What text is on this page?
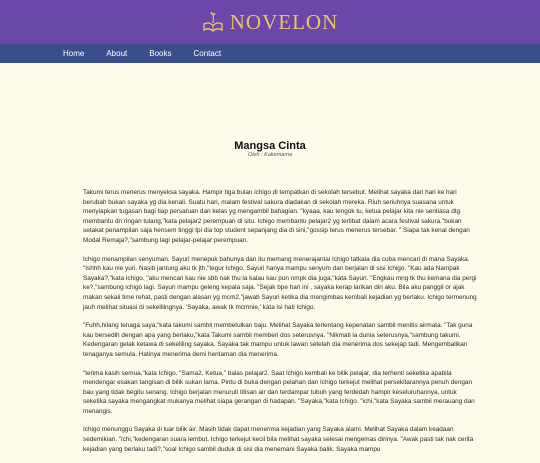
NOVELON
Home	About	Books	Contact
Mangsa Cinta
Oleh : Kakemama

Takumi terus menerus menyeksa sayaka. Hampir tiga bulan ichigo di tempatkan di sekolah tersebut. Melihat sayaka dari hari ke hari berubah bukan sayaka yg dia kenali. Suatu hari, malam festival sakura diadakan di sekolah mereka. Riuh seriuhnya suasana untuk menyiapkan tugasan bagi tiap persatuan dan kelas yg mengambil bahagian. "kyaaa, kau tengok tu, ketua pelajar kita nie sentiasa dtg membantu dn ringan tulang,"kata pelajar2 perempuan di situ. Ichigo membantu pelajar2 yg terlibat dalam acara festival sakura."bukan setakat penampilan saja hensem tinggi tpi dia top student sepanjang dia di sini,"gossip terus menerus tersebar. " Siapa tak kenal dengan Modal Remaja?,"sambung lagi pelajar-pelajar perempuan.

Ichigo menampilan senyuman. Sayuri menepuk bahunya dan itu memang menerajantai Ichigo tatkala dia cuba mencari di mana Sayaka. "Ishhh kau nie yuri. Nasib jantung aku tk jth,"tegur Ichigo. Sayuri hanya mampu senyum dan berjalan di sisi Ichigo. "Kau ada Nampak Sayaka?,"kata Ichigo. "aku mencari kau nie sbb nak thu la kalau kau pun nmpk dia juga,"kata Sayuri. "Engkau mng tk thu kemana dia pergi ke?,"sambung ichigo lagi. Sayuri mampu geleng kepala saja. "Sejak bpe hari ini , sayaka kerap larikan diri aku. Bila aku panggil or ajak makan sekali time rehat, pasti dengan alasan yg mcm2,"jawab Sayuri ketika dia mengimbas kembali kejadian yg berlaku. Ichigo termenung jauh melihat situasi di sekelilingnya. 'Sayaka, awak tk mcmnie,' kata isi hati Ichigo.

"Fuhh,hilang tenaga saya,"kata takumi sambil membetulkan baju. Melihat Sayaka terlentang kepenatan sambil menitis airmata. "Tak guna kau bersedih dengan apa yang berlaku,"kata Takumi sambil memberi dos seterusnya. "Nikmati la dunia seterusnya,"sambung takumi. Kedengaran gelak ketawa di sekeliling sayaka. Sayaka tak mampu untuk lawan setelah dia menerima dos sekejap tadi. Mengembalikan tenaganya semula. Hatinya menerima demi hentaman dia menerima.

"terima kasih semua,"kata Ichigo. "Sama2, Ketua," balas pelajar2. Saat Ichigo kembali ke bilik pelajar, dia terhenti seketika apabila mendengar esakan tangisan di bilik sukan lama. Pintu di buka dengan pelahan dan Ichigo terkejut melihat persekitarannya penuh dengan bau yang tidak begitu senang. Ichigo berjalan menuruti titisan air dan terdampar tubuh yang terdedah hampir keseluruhannya, untuk seketika sayaka mengangkat mukanya melihat siapa gerangan di hadapan. "Sayaka,"kata Ichigo. "ichi,"kata Sayaka sambil merauang dan menangis.

Ichigo menunggu Sayaka di luar bilik air. Masih tidak dapat menerima kejadian yang Sayaka alami. Melihat Sayaka dalam keadaan sedemikian. "ichi,"kedengaran suara lembut. Ichigo terkejut kecil bila melihat sayaka selesai mengemas dirinya. "Awak pasti tak nak cerita kejadian yang berlaku tadi?,"soal Ichigo sambil duduk di sisi dia menemani Sayaka balik. Sayaka mampu
